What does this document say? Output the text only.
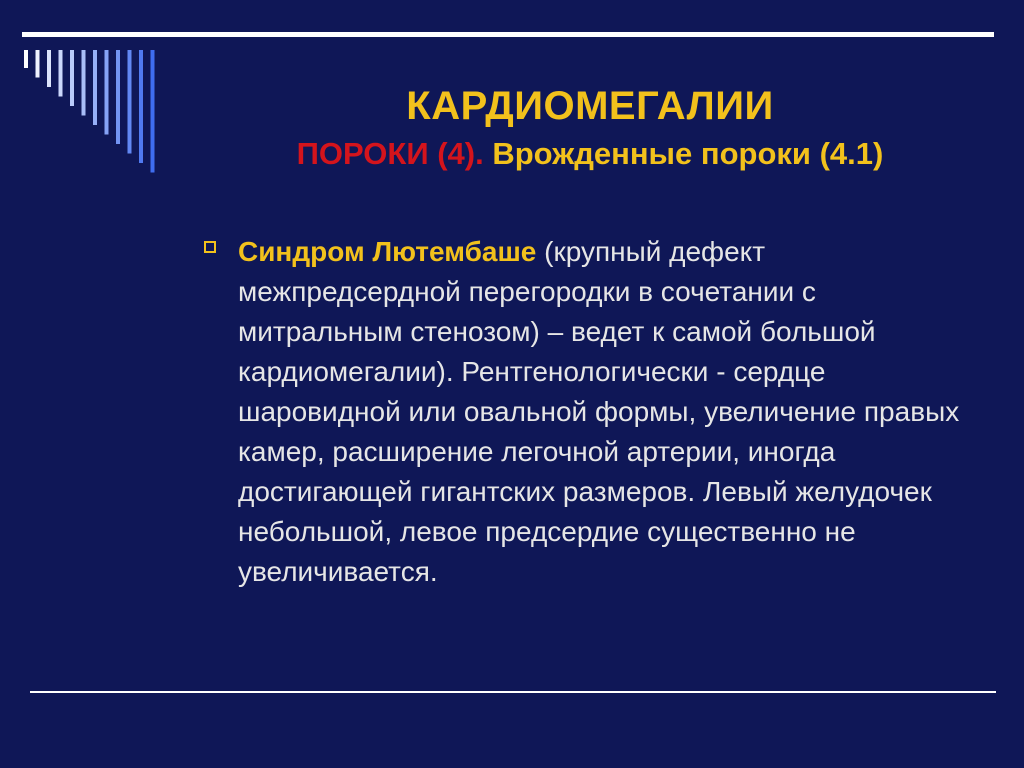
КАРДИОМЕГАЛИИ
ПОРОКИ (4). Врожденные пороки (4.1)
Синдром Лютембаше (крупный дефект межпредсердной перегородки в сочетании с митральным стенозом) – ведет к самой большой кардиомегалии). Рентгенологически - сердце шаровидной или овальной формы, увеличение правых камер, расширение легочной артерии, иногда достигающей гигантских размеров. Левый желудочек небольшой, левое предсердие существенно не увеличивается.
